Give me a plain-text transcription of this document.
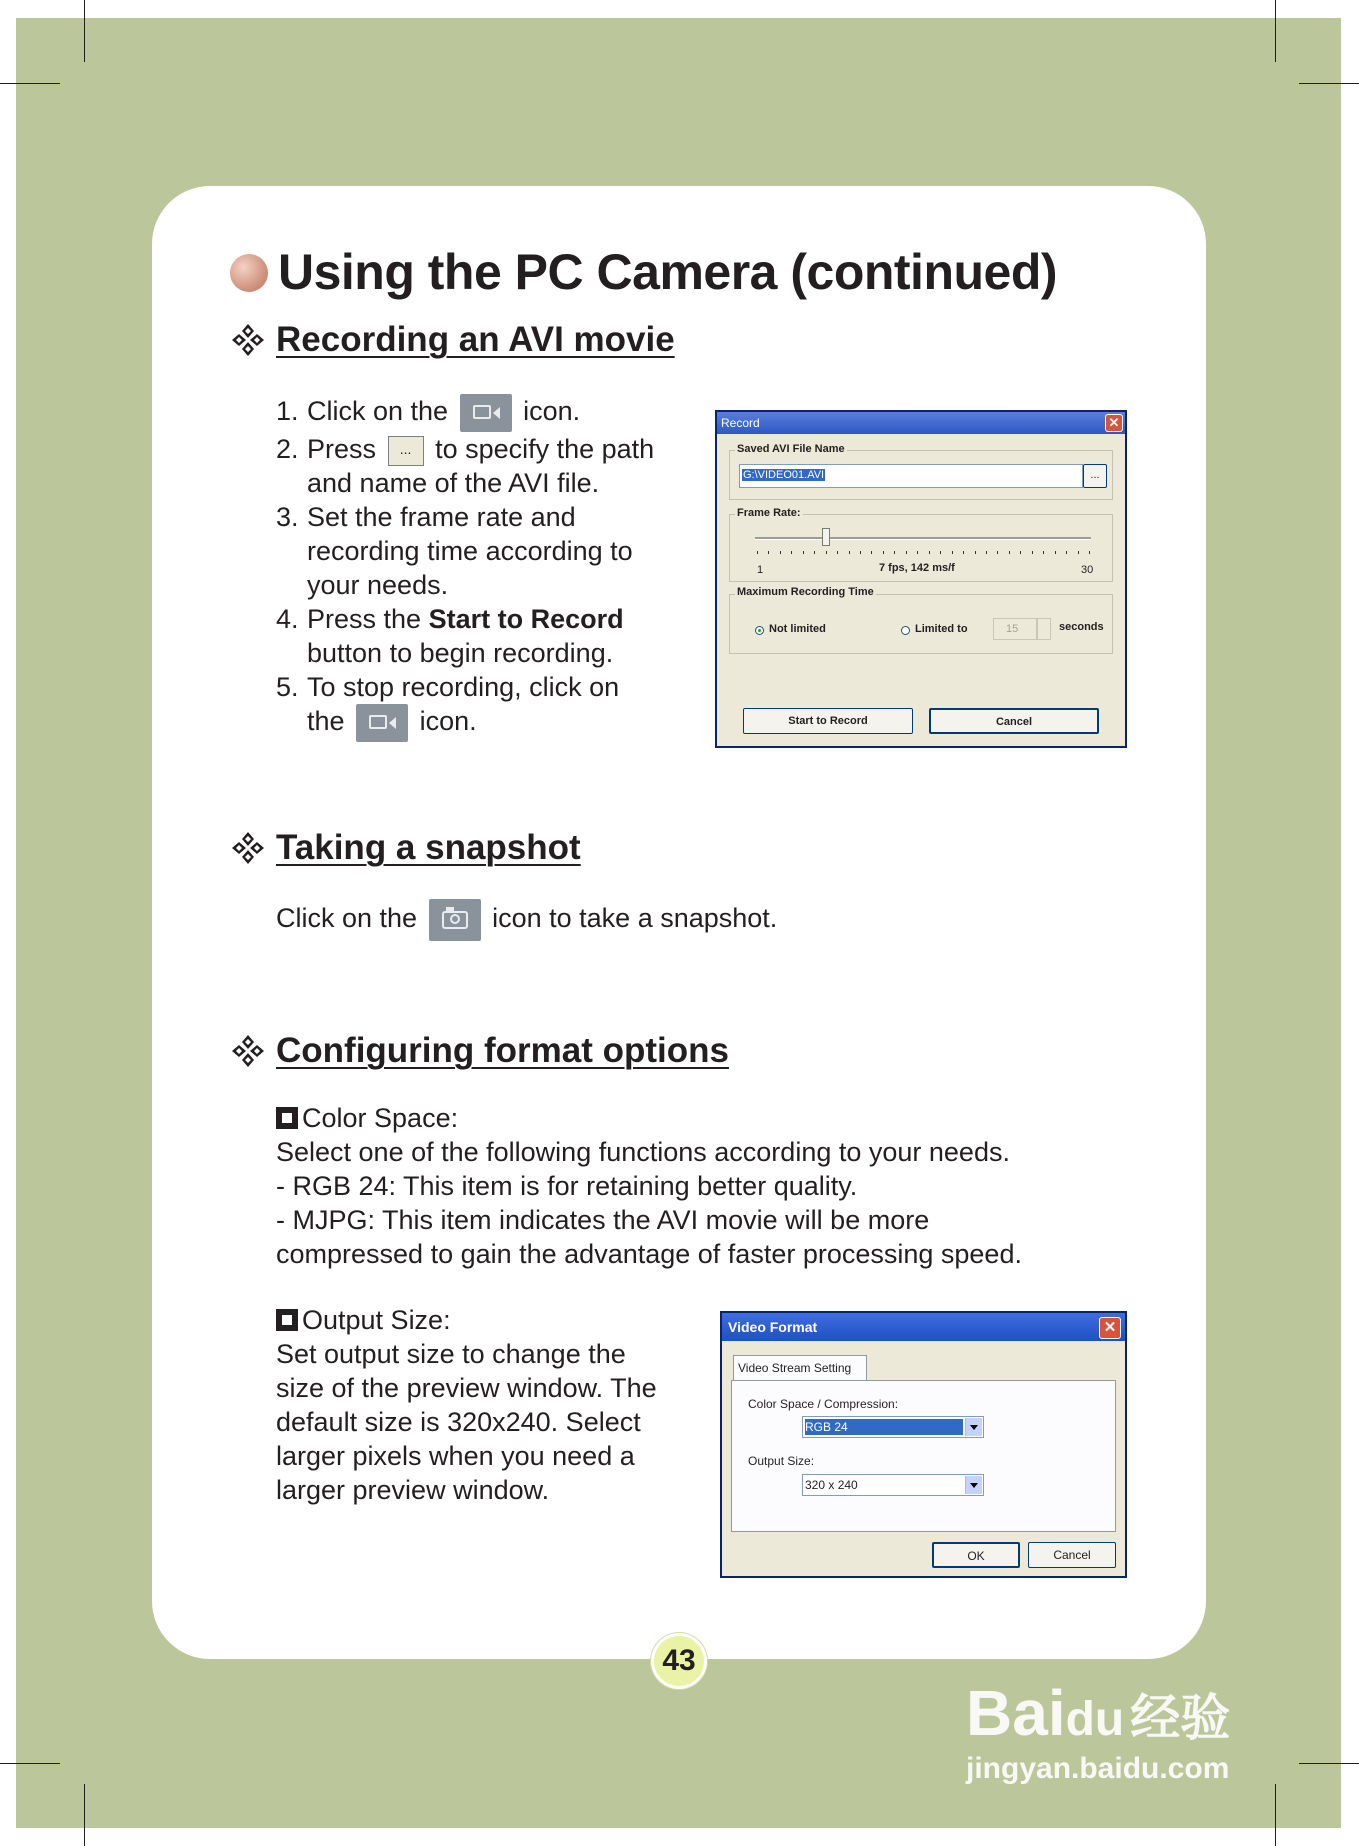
Using the PC Camera (continued)
Recording an AVI movie
1. Click on the	icon.
2. Press ... to specify the path
and name of the AVI file.
3. Set the frame rate and
recording time according to
your needs.
4. Press the Start to Record
button to begin recording.
5. To stop recording, click on
the	icon.
Record	✕
Saved AVI File Name
G:\VIDEO01.AVI	...
Frame Rate:
1	7 fps, 142 ms/f	30
Maximum Recording Time
Not limited	Limited to	15	seconds
Start to Record	Cancel
Taking a snapshot
Click on the	icon to take a snapshot.
Configuring format options
Color Space:
Select one of the following functions according to your needs.
- RGB 24: This item is for retaining better quality.
- MJPG: This item indicates the AVI movie will be more
compressed to gain the advantage of faster processing speed.
Output Size:
Set output size to change the
size of the preview window. The
default size is 320x240. Select
larger pixels when you need a
larger preview window.
Video Format	✕
Video Stream Setting
Color Space / Compression:
RGB 24
Output Size:
320 x 240
OK	Cancel
43
Baidu 经验
jingyan.baidu.com
